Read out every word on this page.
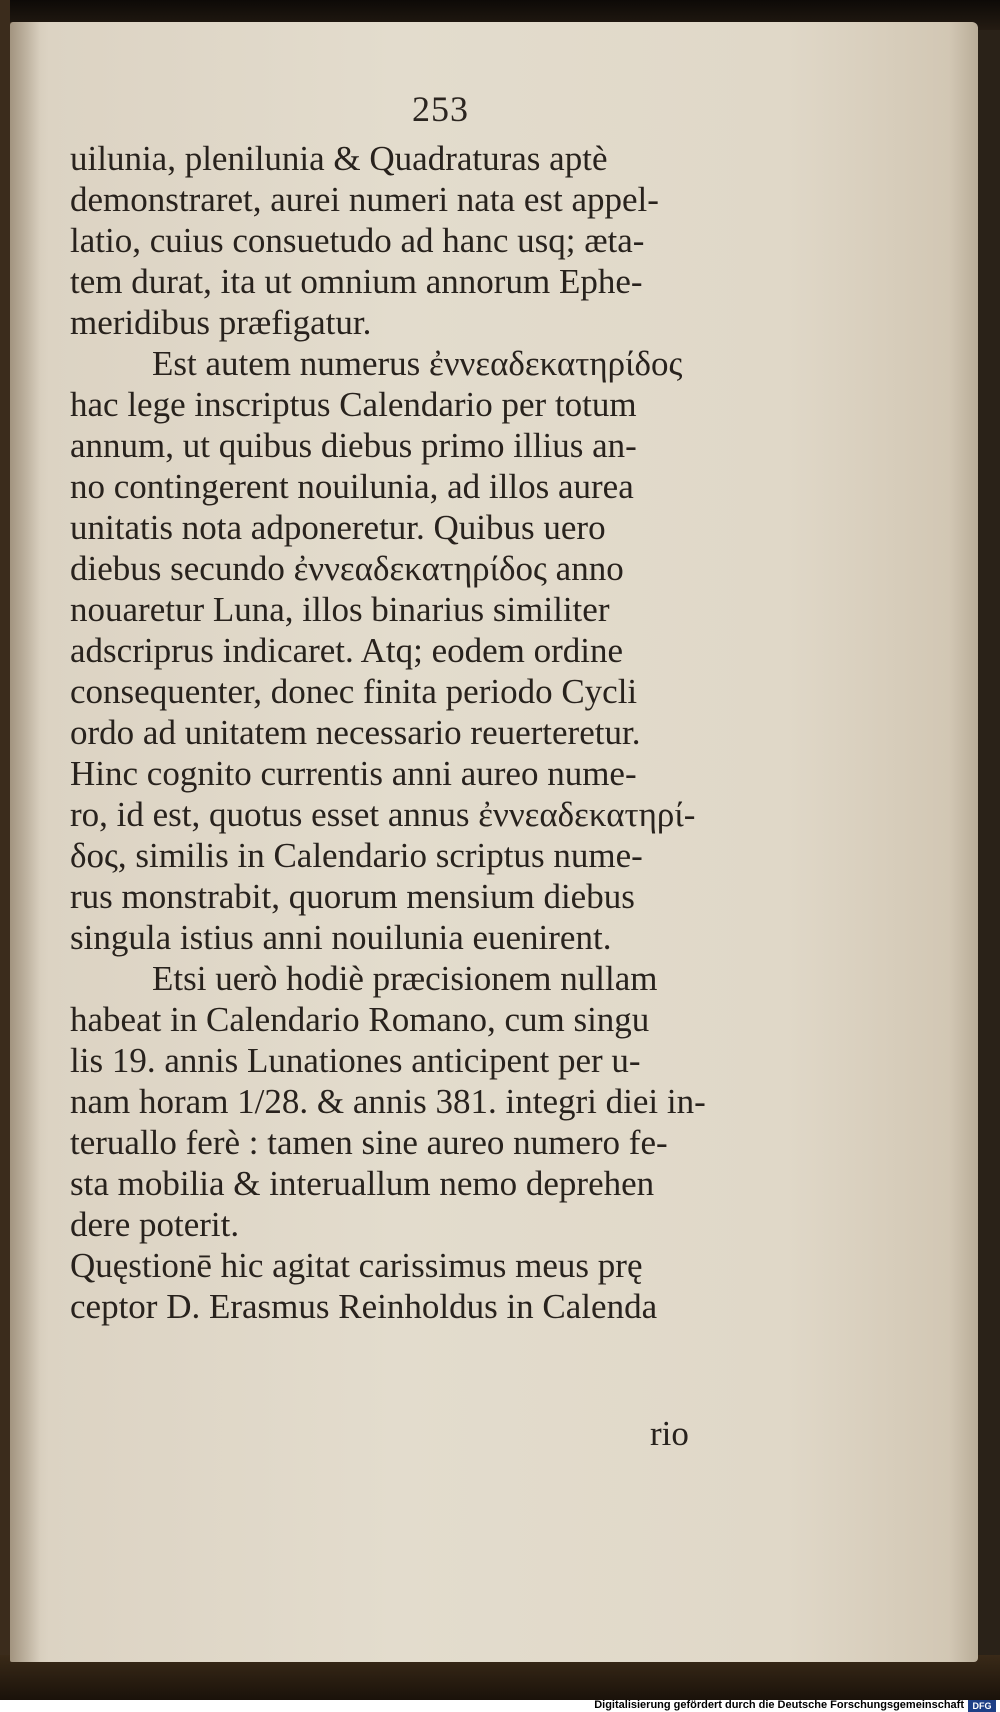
253

uilunia, plenilunia & Quadraturas aptè
demonstraret, aurei numeri nata est appel-
latio, cuius consuetudo ad hanc usq; æta-
tem durat, ita ut omnium annorum Ephe-
meridibus præfigatur.

Est autem numerus ἐννεαδεκατηρίδος
hac lege inscriptus Calendario per totum
annum, ut quibus diebus primo illius an-
no contingerent nouilunia, ad illos aurea
unitatis nota adponeretur. Quibus uero
diebus secundo ἐννεαδεκατηρίδος anno
nouaretur Luna, illos binarius similiter
adscriprus indicaret. Atq; eodem ordine
consequenter, donec finita periodo Cycli
ordo ad unitatem necessario reuerteretur.
Hinc cognito currentis anni aureo nume-
ro, id est, quotus esset annus ἐννεαδεκατηρί-
δος, similis in Calendario scriptus nume-
rus monstrabit, quorum mensium diebus
singula istius anni nouilunia euenirent.

Etsi uerò hodiè præcisionem nullam
habeat in Calendario Romano, cum singu
lis 19. annis Lunationes anticipent per u-
nam horam 1/28. & annis 381. integri diei in-
teruallo ferè : tamen sine aureo numero fe-
sta mobilia & interuallum nemo deprehen
dere poterit.

Quęstionē hic agitat carissimus meus prę
ceptor D. Erasmus Reinholdus in Calenda

rio
Digitalisierung gefördert durch die Deutsche Forschungsgemeinschaft DFG
